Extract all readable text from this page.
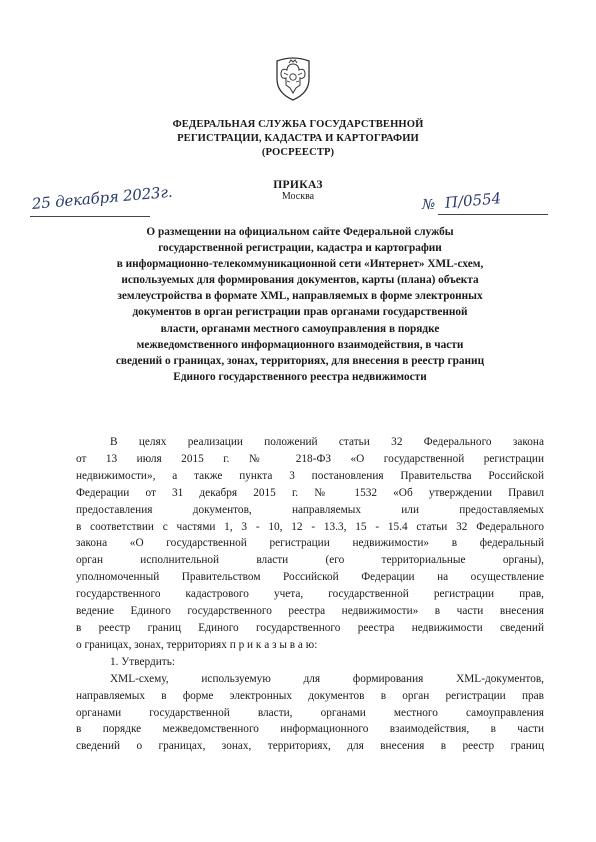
ФЕДЕРАЛЬНАЯ СЛУЖБА ГОСУДАРСТВЕННОЙ
РЕГИСТРАЦИИ, КАДАСТРА И КАРТОГРАФИИ
(РОСРЕЕСТР)
ПРИКАЗ
Москва
25 декабря 2023г.	№ П/0554
О размещении на официальном сайте Федеральной службы
государственной регистрации, кадастра и картографии
в информационно-телекоммуникационной сети «Интернет» XML-схем,
используемых для формирования документов, карты (плана) объекта
землеустройства в формате XML, направляемых в форме электронных
документов в орган регистрации прав органами государственной
власти, органами местного самоуправления в порядке
межведомственного информационного взаимодействия, в части
сведений о границах, зонах, территориях, для внесения в реестр границ
Единого государственного реестра недвижимости
В целях реализации положений статьи 32 Федерального закона
от 13 июля 2015 г. № 218-ФЗ «О государственной регистрации
недвижимости», а также пункта 3 постановления Правительства Российской
Федерации от 31 декабря 2015 г. № 1532 «Об утверждении Правил
предоставления документов, направляемых или предоставляемых
в соответствии с частями 1, 3 - 10, 12 - 13.3, 15 - 15.4 статьи 32 Федерального
закона «О государственной регистрации недвижимости» в федеральный
орган исполнительной власти (его территориальные органы),
уполномоченный Правительством Российской Федерации на осуществление
государственного кадастрового учета, государственной регистрации прав,
ведение Единого государственного реестра недвижимости» в части внесения
в реестр границ Единого государственного реестра недвижимости сведений
о границах, зонах, территориях п р и к а з ы в а ю:
1. Утвердить:
XML-схему, используемую для формирования XML-документов,
направляемых в форме электронных документов в орган регистрации прав
органами государственной власти, органами местного самоуправления
в порядке межведомственного информационного взаимодействия, в части
сведений о границах, зонах, территориях, для внесения в реестр границ
